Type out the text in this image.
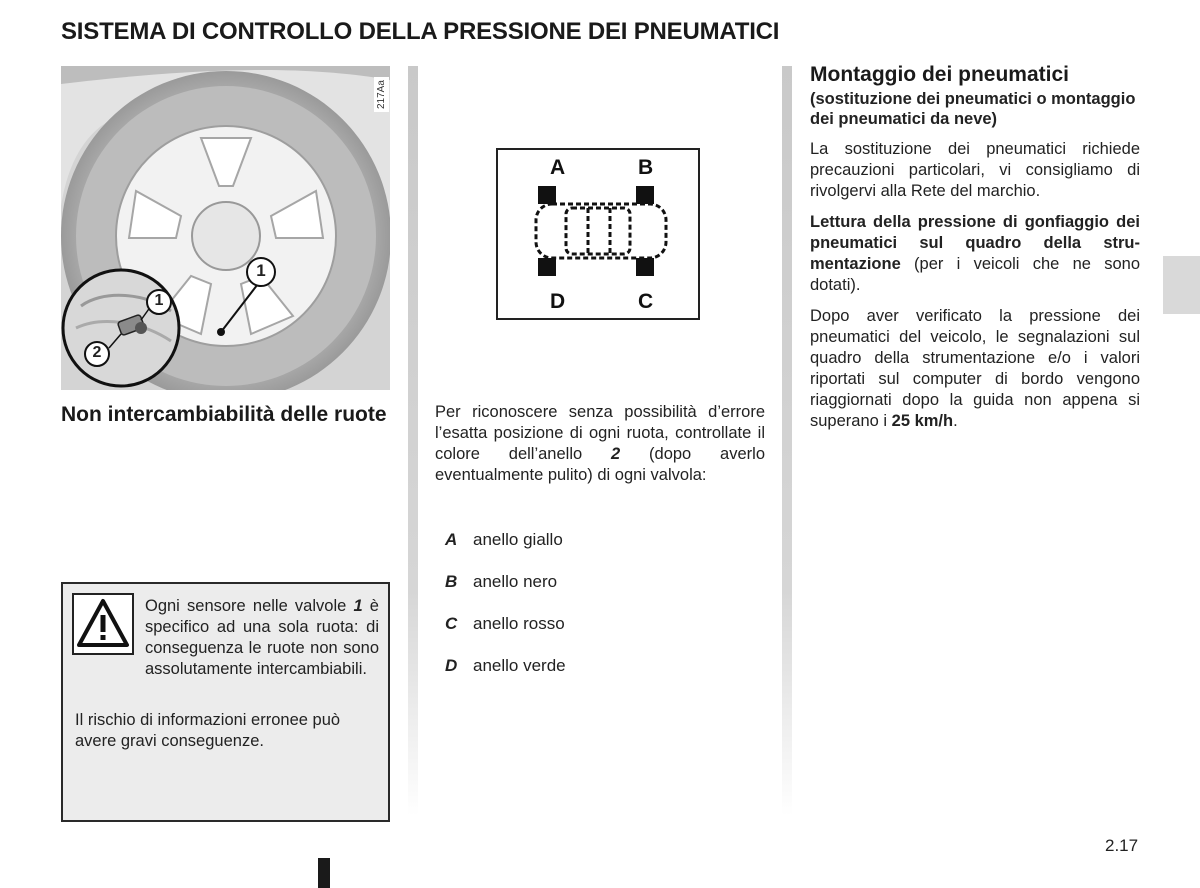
SISTEMA DI CONTROLLO DELLA PRESSIONE DEI PNEUMATICI
1
1
2
217Aa
Non intercambiabilità delle ruote
Ogni sensore nelle valvole 1 è specifico ad una sola ruota: di conseguenza le ruote non sono assolutamente intercambiabili.
Il rischio di informazioni erronee può avere gravi conseguenze.
A	B
D	C
Per riconoscere senza possibilità d’errore l’esatta posizione di ogni ruota, controllate il colore dell’anello 2 (dopo averlo eventualmente pulito) di ogni valvola:
A anello giallo
B anello nero
C anello rosso
D anello verde
Montaggio dei pneumatici
(sostituzione dei pneumatici o montaggio dei pneumatici da neve)
La sostituzione dei pneumatici richiede precauzioni particolari, vi consigliamo di rivolgervi alla Rete del marchio.
Lettura della pressione di gonfiaggio dei pneumatici sul quadro della strumentazione (per i veicoli che ne sono dotati).
Dopo aver verificato la pressione dei pneumatici del veicolo, le segnalazioni sul quadro della strumentazione e/o i valori riportati sul computer di bordo vengono riaggiornati dopo la guida non appena si superano i 25 km/h.
2.17
